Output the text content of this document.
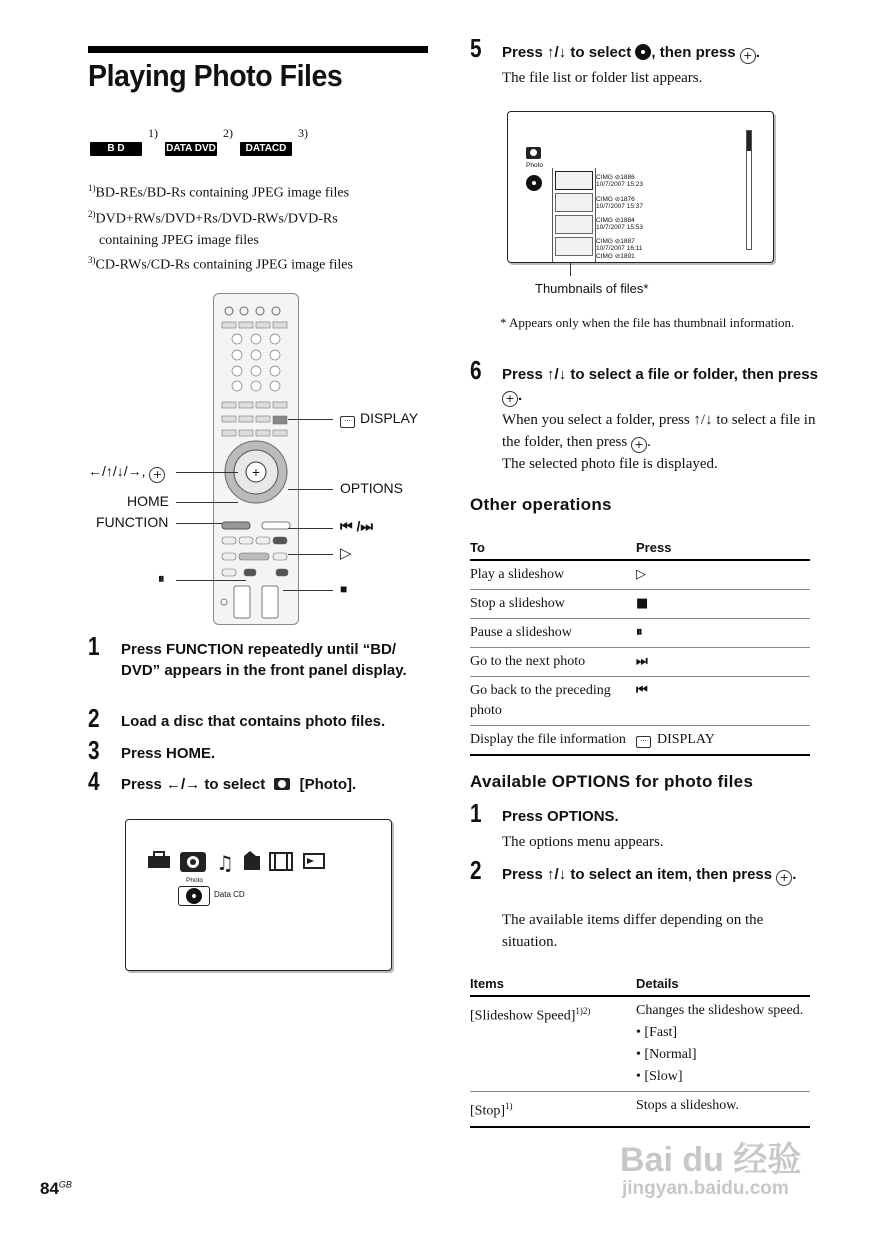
Playing Photo Files
B D
1)
DATA DVD
2)
DATACD
3)
$^{1)}$BD-REs/BD-Rs containing JPEG image files
$^{2)}$DVD+RWs/DVD+Rs/DVD-RWs/DVD-Rs
containing JPEG image files
$^{3)}$CD-RWs/CD-Rs containing JPEG image files
+
··· DISPLAY
←/↑/↓/→, +
OPTIONS
HOME
FUNCTION	⏮ /⏭
▷
⏸
■
1 Press FUNCTION repeatedly until “BD/ DVD” appears in the front panel display.
2 Load a disc that contains photo files.
3 Press HOME.
4 Press ←/→ to select [Photo].
♫
Photo
Data CD
5 Press ↑/↓ to select , then press + .
The file list or folder list appears.
Photo
CIMG ⊘1886
10/7/2007 15:23
CIMG ⊘1876
10/7/2007 15:37
CIMG ⊘1884
10/7/2007 15:53
CIMG ⊘1887
10/7/2007 16:11
CIMG ⊘1891
Thumbnails of files*
* Appears only when the file has thumbnail information.
6 Press ↑/↓ to select a file or folder, then press + .
When you select a folder, press ↑/↓ to select a file in the folder, then press + .
The selected photo file is displayed.
Other operations
To	Press
Play a slideshow	▷
Stop a slideshow	■
Pause a slideshow	⏸
Go to the next photo	⏭
Go back to the preceding photo	⏮
Display the file information	··· DISPLAY
Available OPTIONS for photo files
1 Press OPTIONS.
The options menu appears.
2 Press ↑/↓ to select an item, then press + .
The available items differ depending on the situation.
Items	Details
[Slideshow Speed]$^{1)2)}$	Changes the slideshow speed.
• [Fast]
• [Normal]
• [Slow]

[Stop]$^{1)}$	Stops a slideshow.
$84^{GB}$
Bai du 经验
jingyan.baidu.com
